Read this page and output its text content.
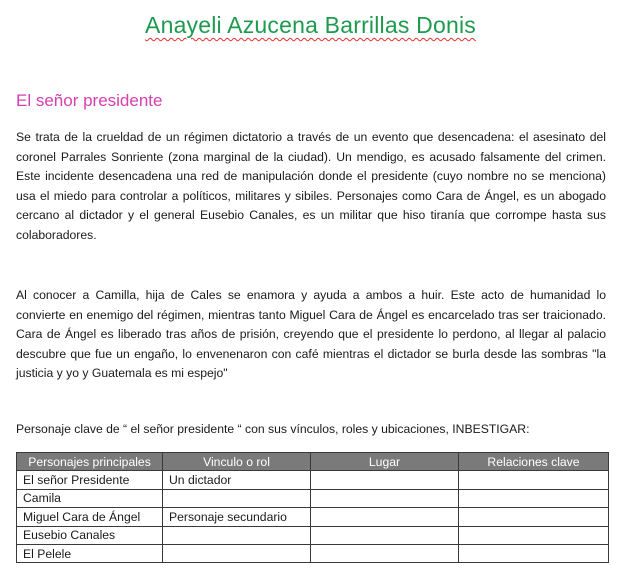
Anayeli Azucena Barrillas Donis
El señor presidente

Se trata de la crueldad de un régimen dictatorio a través de un evento que desencadena: el asesinato del coronel Parrales Sonriente (zona marginal de la ciudad). Un mendigo, es acusado falsamente del crimen. Este incidente desencadena una red de manipulación donde el presidente (cuyo nombre no se menciona) usa el miedo para controlar a políticos, militares y sibiles. Personajes como Cara de Ángel, es un abogado cercano al dictador y el general Eusebio Canales, es un militar que hiso tiranía que corrompe hasta sus colaboradores.

Al conocer a Camilla, hija de Cales se enamora y ayuda a ambos a huir. Este acto de humanidad lo convierte en enemigo del régimen, mientras tanto Miguel Cara de Ángel es encarcelado tras ser traicionado. Cara de Ángel es liberado tras años de prisión, creyendo que el presidente lo perdono, al llegar al palacio descubre que fue un engaño, lo envenenaron con café mientras el dictador se burla desde las sombras "la justicia y yo y Guatemala es mi espejo"

Personaje clave de “ el señor presidente “ con sus vínculos, roles y ubicaciones, INBESTIGAR:

Personajes principales	Vinculo o rol	Lugar	Relaciones clave
El señor Presidente	Un dictador		
Camila			
Miguel Cara de Ángel	Personaje secundario		
Eusebio Canales			
El Pelele			
